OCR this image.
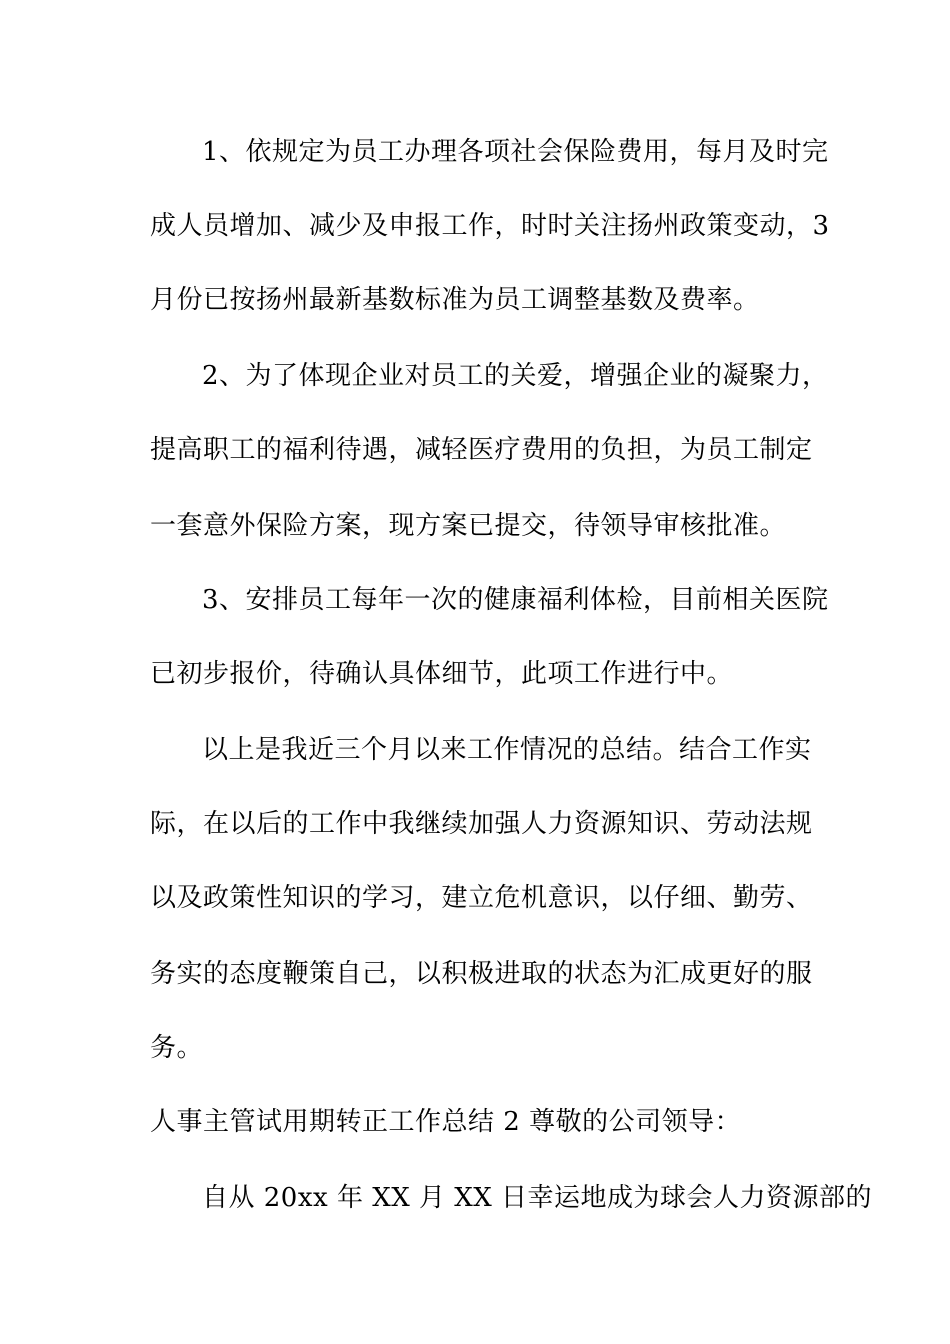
1、依规定为员工办理各项社会保险费用，每月及时完
成人员增加、减少及申报工作，时时关注扬州政策变动，3
月份已按扬州最新基数标准为员工调整基数及费率。
2、为了体现企业对员工的关爱，增强企业的凝聚力，
提高职工的福利待遇，减轻医疗费用的负担，为员工制定
一套意外保险方案，现方案已提交，待领导审核批准。
3、安排员工每年一次的健康福利体检，目前相关医院
已初步报价，待确认具体细节，此项工作进行中。
以上是我近三个月以来工作情况的总结。结合工作实
际，在以后的工作中我继续加强人力资源知识、劳动法规
以及政策性知识的学习，建立危机意识，以仔细、勤劳、
务实的态度鞭策自己，以积极进取的状态为汇成更好的服
务。
人事主管试用期转正工作总结 2 尊敬的公司领导：
自从 20xx 年 XX 月 XX 日幸运地成为球会人力资源部的
